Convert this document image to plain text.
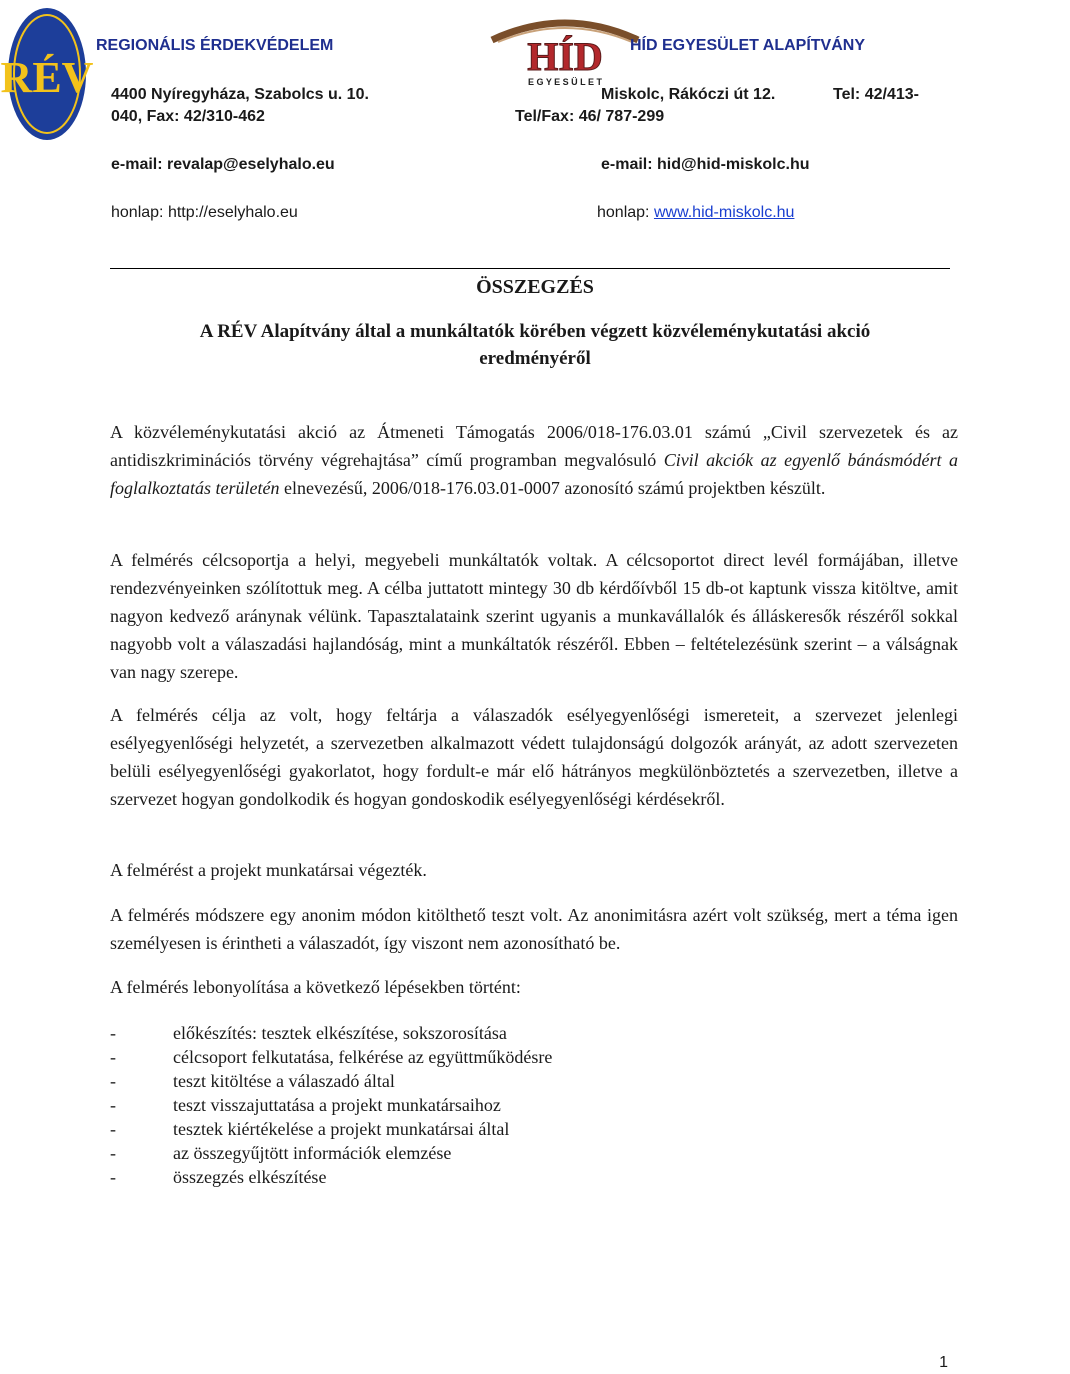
RÉV	HÍD
E G Y E S Ü L E T
REGIONÁLIS ÉRDEKVÉDELEM	HÍD EGYESÜLET ALAPÍTVÁNY
4400 Nyíregyháza, Szabolcs u. 10.	Miskolc, Rákóczi út 12.	Tel: 42/413-
040, Fax: 42/310-462	Tel/Fax: 46/ 787-299
e-mail: revalap@eselyhalo.eu	e-mail: hid@hid-miskolc.hu
honlap: http://eselyhalo.eu	honlap: www.hid-miskolc.hu
ÖSSZEGZÉS
A RÉV Alapítvány által a munkáltatók körében végzett közvéleménykutatási akció
eredményéről
A közvéleménykutatási akció az Átmeneti Támogatás 2006/018-176.03.01 számú „Civil szervezetek és az antidiszkriminációs törvény végrehajtása” című programban megvalósuló Civil akciók az egyenlő bánásmódért a foglalkoztatás területén elnevezésű, 2006/018-176.03.01-0007 azonosító számú projektben készült.
A felmérés célcsoportja a helyi, megyebeli munkáltatók voltak. A célcsoportot direct levél formájában, illetve rendezvényeinken szólítottuk meg. A célba juttatott mintegy 30 db kérdőívből 15 db-ot kaptunk vissza kitöltve, amit nagyon kedvező aránynak vélünk. Tapasztalataink szerint ugyanis a munkavállalók és álláskeresők részéről sokkal nagyobb volt a válaszadási hajlandóság, mint a munkáltatók részéről. Ebben – feltételezésünk szerint – a válságnak van nagy szerepe.
A felmérés célja az volt, hogy feltárja a válaszadók esélyegyenlőségi ismereteit, a szervezet jelenlegi esélyegyenlőségi helyzetét, a szervezetben alkalmazott védett tulajdonságú dolgozók arányát, az adott szervezeten belüli esélyegyenlőségi gyakorlatot, hogy fordult-e már elő hátrányos megkülönböztetés a szervezetben, illetve a szervezet hogyan gondolkodik és hogyan gondoskodik esélyegyenlőségi kérdésekről.
A felmérést a projekt munkatársai végezték.
A felmérés módszere egy anonim módon kitölthető teszt volt. Az anonimitásra azért volt szükség, mert a téma igen személyesen is érintheti a válaszadót, így viszont nem azonosítható be.
A felmérés lebonyolítása a következő lépésekben történt:
-	előkészítés: tesztek elkészítése, sokszorosítása
-	célcsoport felkutatása, felkérése az együttműködésre
-	teszt kitöltése a válaszadó által
-	teszt visszajuttatása a projekt munkatársaihoz
-	tesztek kiértékelése a projekt munkatársai által
-	az összegyűjtött információk elemzése
-	összegzés elkészítése
1
